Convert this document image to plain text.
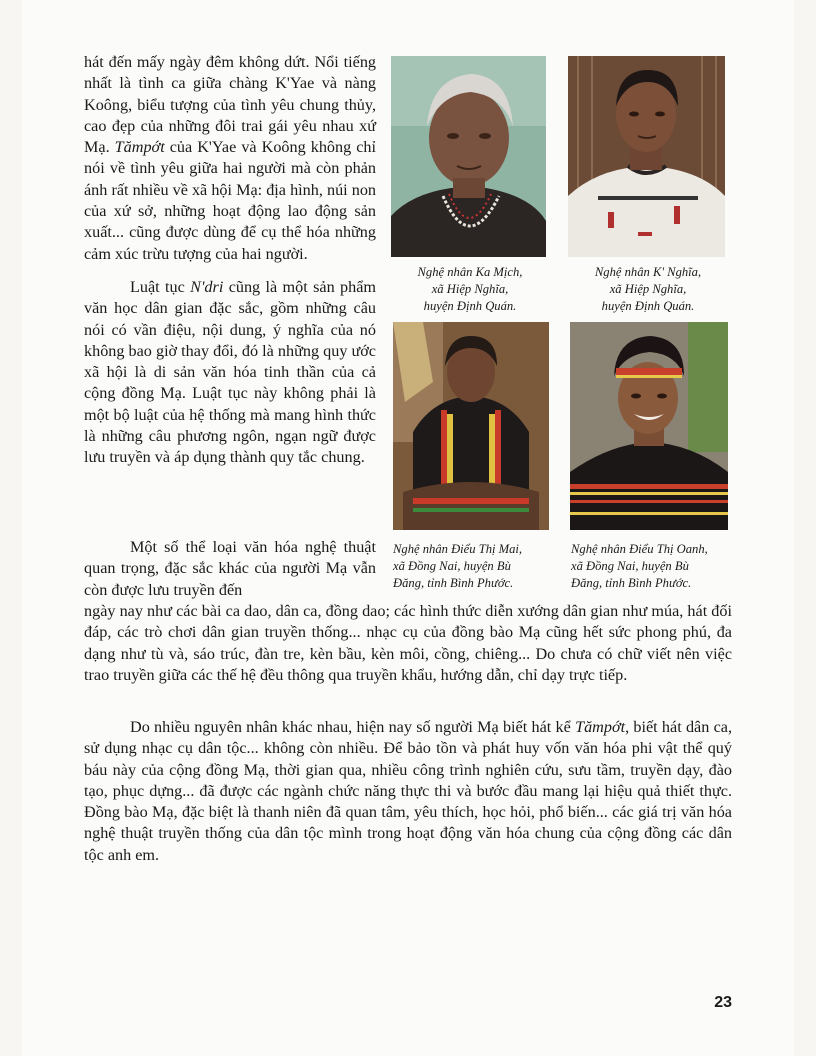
hát đến mấy ngày đêm không dứt. Nổi tiếng nhất là tình ca giữa chàng K'Yae và nàng Koông, biểu tượng của tình yêu chung thủy, cao đẹp của những đôi trai gái yêu nhau xứ Mạ. Tămpớt của K'Yae và Koông không chỉ nói về tình yêu giữa hai người mà còn phản ánh rất nhiều về xã hội Mạ: địa hình, núi non của xứ sở, những hoạt động lao động sản xuất... cũng được dùng để cụ thể hóa những cảm xúc trừu tượng của hai người.

Luật tục N'dri cũng là một sản phẩm văn học dân gian đặc sắc, gồm những câu nói có vần điệu, nội dung, ý nghĩa của nó không bao giờ thay đổi, đó là những quy ước xã hội là di sản văn hóa tinh thần của cả cộng đồng Mạ. Luật tục này không phải là một bộ luật của hệ thống mà mang hình thức là những câu phương ngôn, ngạn ngữ được lưu truyền và áp dụng thành quy tắc chung.

Một số thể loại văn hóa nghệ thuật quan trọng, đặc sắc khác của người Mạ vẫn còn được lưu truyền đến
ngày nay như các bài ca dao, dân ca, đồng dao; các hình thức diễn xướng dân gian như múa, hát đối đáp, các trò chơi dân gian truyền thống... nhạc cụ của đồng bào Mạ cũng hết sức phong phú, đa dạng như tù và, sáo trúc, đàn tre, kèn bầu, kèn môi, cồng, chiêng... Do chưa có chữ viết nên việc trao truyền giữa các thế hệ đều thông qua truyền khẩu, hướng dẫn, chỉ dạy trực tiếp.
Do nhiều nguyên nhân khác nhau, hiện nay số người Mạ biết hát kể Tămpớt, biết hát dân ca, sử dụng nhạc cụ dân tộc... không còn nhiều. Để bảo tồn và phát huy vốn văn hóa phi vật thể quý báu này của cộng đồng Mạ, thời gian qua, nhiều công trình nghiên cứu, sưu tầm, truyền dạy, đào tạo, phục dựng... đã được các ngành chức năng thực thi và bước đầu mang lại hiệu quả thiết thực. Đồng bào Mạ, đặc biệt là thanh niên đã quan tâm, yêu thích, học hỏi, phổ biến... các giá trị văn hóa nghệ thuật truyền thống của dân tộc mình trong hoạt động văn hóa chung của cộng đồng các dân tộc anh em.
Nghệ nhân Ka Mịch,
xã Hiệp Nghĩa,
huyện Định Quán.
Nghệ nhân K' Nghĩa,
xã Hiệp Nghĩa,
huyện Định Quán.
Nghệ nhân Điểu Thị Mai,
xã Đồng Nai, huyện Bù
Đăng, tỉnh Bình Phước.
Nghệ nhân Điểu Thị Oanh,
xã Đồng Nai, huyện Bù
Đăng, tỉnh Bình Phước.
23
